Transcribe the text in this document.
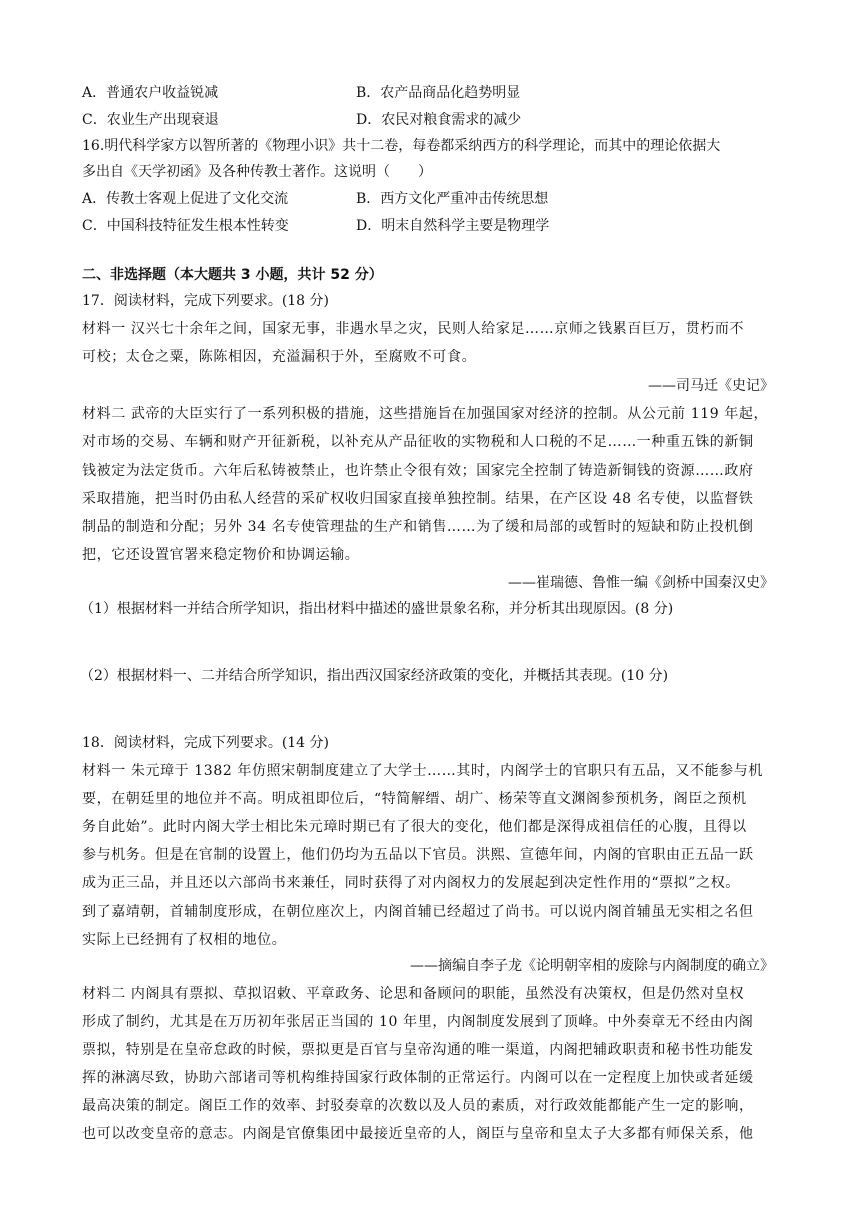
A．普通农户收益锐减	B．农产品商品化趋势明显
C．农业生产出现衰退	D．农民对粮食需求的减少
16.明代科学家方以智所著的《物理小识》共十二卷，每卷都采纳西方的科学理论，而其中的理论依据大
多出自《天学初函》及各种传教士著作。这说明（　　）
A．传教士客观上促进了文化交流	B．西方文化严重冲击传统思想
C．中国科技特征发生根本性转变	D．明末自然科学主要是物理学
二、非选择题（本大题共 3 小题，共计 52 分）
17．阅读材料，完成下列要求。(18 分)
材料一 汉兴七十余年之间，国家无事，非遇水旱之灾，民则人给家足……京师之钱累百巨万，贯朽而不
可校；太仓之粟，陈陈相因，充溢漏积于外，至腐败不可食。
——司马迁《史记》
材料二 武帝的大臣实行了一系列积极的措施，这些措施旨在加强国家对经济的控制。从公元前 119 年起，
对市场的交易、车辆和财产开征新税，以补充从产品征收的实物税和人口税的不足……一种重五铢的新铜
钱被定为法定货币。六年后私铸被禁止，也许禁止令很有效；国家完全控制了铸造新铜钱的资源……政府
采取措施，把当时仍由私人经营的采矿权收归国家直接单独控制。结果，在产区设 48 名专使，以监督铁
制品的制造和分配；另外 34 名专使管理盐的生产和销售……为了缓和局部的或暂时的短缺和防止投机倒
把，它还设置官署来稳定物价和协调运输。
——崔瑞德、鲁惟一编《剑桥中国秦汉史》
（1）根据材料一并结合所学知识，指出材料中描述的盛世景象名称，并分析其出现原因。(8 分)
（2）根据材料一、二并结合所学知识，指出西汉国家经济政策的变化，并概括其表现。(10 分)
18．阅读材料，完成下列要求。(14 分)
材料一 朱元璋于 1382 年仿照宋朝制度建立了大学士……其时，内阁学士的官职只有五品，又不能参与机
要，在朝廷里的地位并不高。明成祖即位后，“特简解缙、胡广、杨荣等直文渊阁参预机务，阁臣之预机
务自此始”。此时内阁大学士相比朱元璋时期已有了很大的变化，他们都是深得成祖信任的心腹，且得以
参与机务。但是在官制的设置上，他们仍均为五品以下官员。洪熙、宣德年间，内阁的官职由正五品一跃
成为正三品，并且还以六部尚书来兼任，同时获得了对内阁权力的发展起到决定性作用的“票拟”之权。
到了嘉靖朝，首辅制度形成，在朝位座次上，内阁首辅已经超过了尚书。可以说内阁首辅虽无实相之名但
实际上已经拥有了权相的地位。
——摘编自李子龙《论明朝宰相的废除与内阁制度的确立》
材料二 内阁具有票拟、草拟诏敕、平章政务、论思和备顾问的职能，虽然没有决策权，但是仍然对皇权
形成了制约，尤其是在万历初年张居正当国的 10 年里，内阁制度发展到了顶峰。中外奏章无不经由内阁
票拟，特别是在皇帝怠政的时候，票拟更是百官与皇帝沟通的唯一渠道，内阁把辅政职责和秘书性功能发
挥的淋漓尽致，协助六部诸司等机构维持国家行政体制的正常运行。内阁可以在一定程度上加快或者延缓
最高决策的制定。阁臣工作的效率、封驳奏章的次数以及人员的素质，对行政效能都能产生一定的影响，
也可以改变皇帝的意志。内阁是官僚集团中最接近皇帝的人，阁臣与皇帝和皇太子大多都有师保关系，他
